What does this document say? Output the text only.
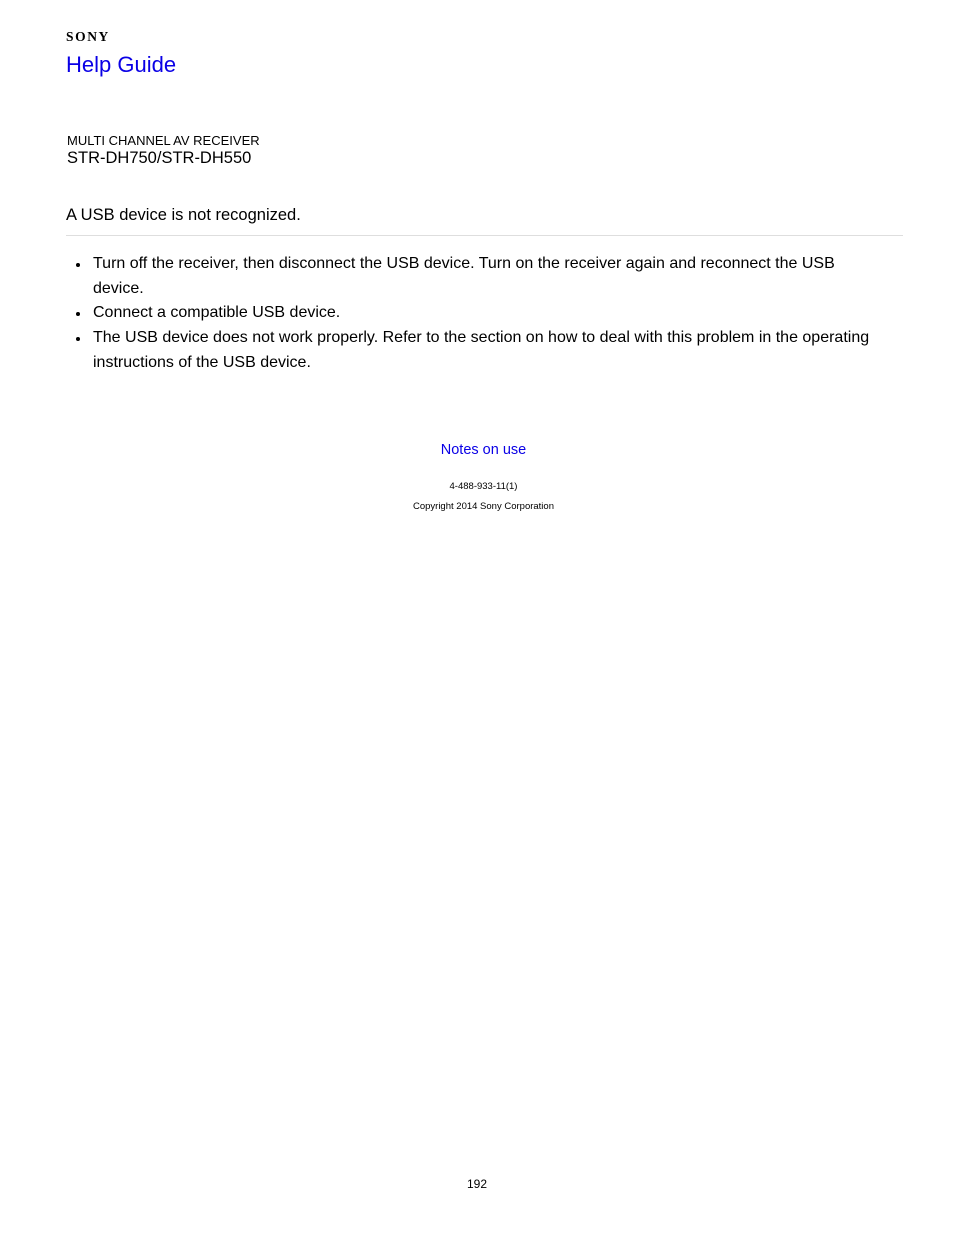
SONY
Help Guide
MULTI CHANNEL AV RECEIVER
STR-DH750/STR-DH550
A USB device is not recognized.
Turn off the receiver, then disconnect the USB device. Turn on the receiver again and reconnect the USB device.
Connect a compatible USB device.
The USB device does not work properly. Refer to the section on how to deal with this problem in the operating instructions of the USB device.
Notes on use
4-488-933-11(1)
Copyright 2014 Sony Corporation
192
